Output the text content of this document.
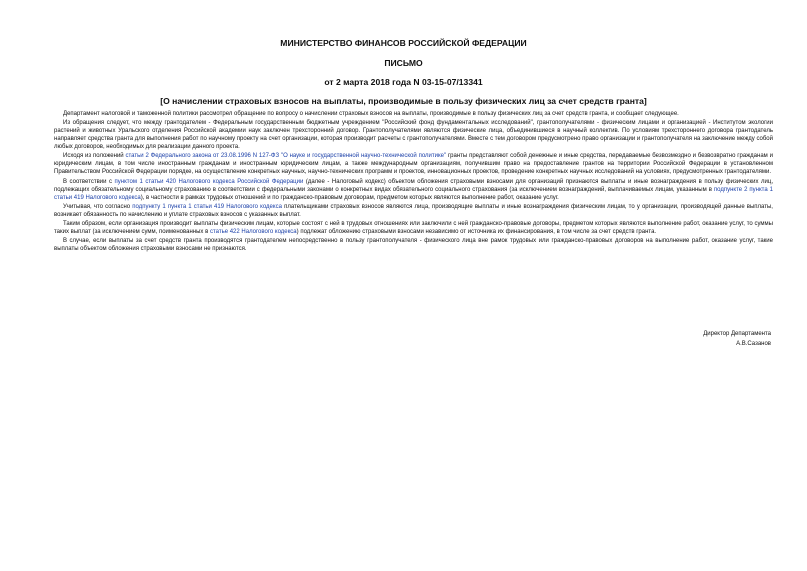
МИНИСТЕРСТВО ФИНАНСОВ РОССИЙСКОЙ ФЕДЕРАЦИИ
ПИСЬМО
от 2 марта 2018 года N 03-15-07/13341
[О начислении страховых взносов на выплаты, производимые в пользу физических лиц за счет средств гранта]

Департамент налоговой и таможенной политики рассмотрел обращение по вопросу о начислении страховых взносов на выплаты, производимые в пользу физических лиц за счет средств гранта, и сообщает следующее.

Из обращения следует, что между грантодателем - Федеральным государственным бюджетным учреждением "Российский фонд фундаментальных исследований", грантополучателями - физическим лицами и организацией - Институтом экологии растений и животных Уральского отделения Российской академии наук заключен трехсторонний договор. Грантополучателями являются физические лица, объединившиеся в научный коллектив. По условиям трехстороннего договора грантодатель направляет средства гранта для выполнения работ по научному проекту на счет организации, которая производит расчеты с грантополучателями. Вместе с тем договором предусмотрено право организации и грантополучателя на заключение между собой любых договоров, необходимых для реализации данного проекта.

Исходя из положений статьи 2 Федерального закона от 23.08.1996 N 127-ФЗ "О науке и государственной научно-технической политике" гранты представляют собой денежные и иные средства, передаваемые безвозмездно и безвозвратно гражданам и юридическим лицам, в том числе иностранным гражданам и иностранным юридическим лицам, а также международным организациям, получившим право на предоставление грантов на территории Российской Федерации в установленном Правительством Российской Федерации порядке, на осуществление конкретных научных, научно-технических программ и проектов, инновационных проектов, проведение конкретных научных исследований на условиях, предусмотренных грантодателями.

В соответствии с пунктом 1 статьи 420 Налогового кодекса Российской Федерации (далее - Налоговый кодекс) объектом обложения страховыми взносами для организаций признаются выплаты и иные вознаграждения в пользу физических лиц, подлежащих обязательному социальному страхованию в соответствии с федеральными законами о конкретных видах обязательного социального страхования (за исключением вознаграждений, выплачиваемых лицам, указанным в подпункте 2 пункта 1 статьи 419 Налогового кодекса), в частности в рамках трудовых отношений и по гражданско-правовым договорам, предметом которых являются выполнение работ, оказание услуг.

Учитывая, что согласно подпункту 1 пункта 1 статьи 419 Налогового кодекса плательщиками страховых взносов являются лица, производящие выплаты и иные вознаграждения физическим лицам, то у организации, производящей данные выплаты, возникает обязанность по начислению и уплате страховых взносов с указанных выплат.

Таким образом, если организация производит выплаты физическим лицам, которые состоят с ней в трудовых отношениях или заключили с ней гражданско-правовые договоры, предметом которых являются выполнение работ, оказание услуг, то суммы таких выплат (за исключением сумм, поименованных в статье 422 Налогового кодекса) подлежат обложению страховыми взносами независимо от источника их финансирования, в том числе за счет средств гранта.

В случае, если выплаты за счет средств гранта производятся грантодателем непосредственно в пользу грантополучателя - физического лица вне рамок трудовых или гражданско-правовых договоров на выполнение работ, оказание услуг, такие выплаты объектом обложения страховыми взносами не признаются.

Директор Департамента
А.В.Сазанов
